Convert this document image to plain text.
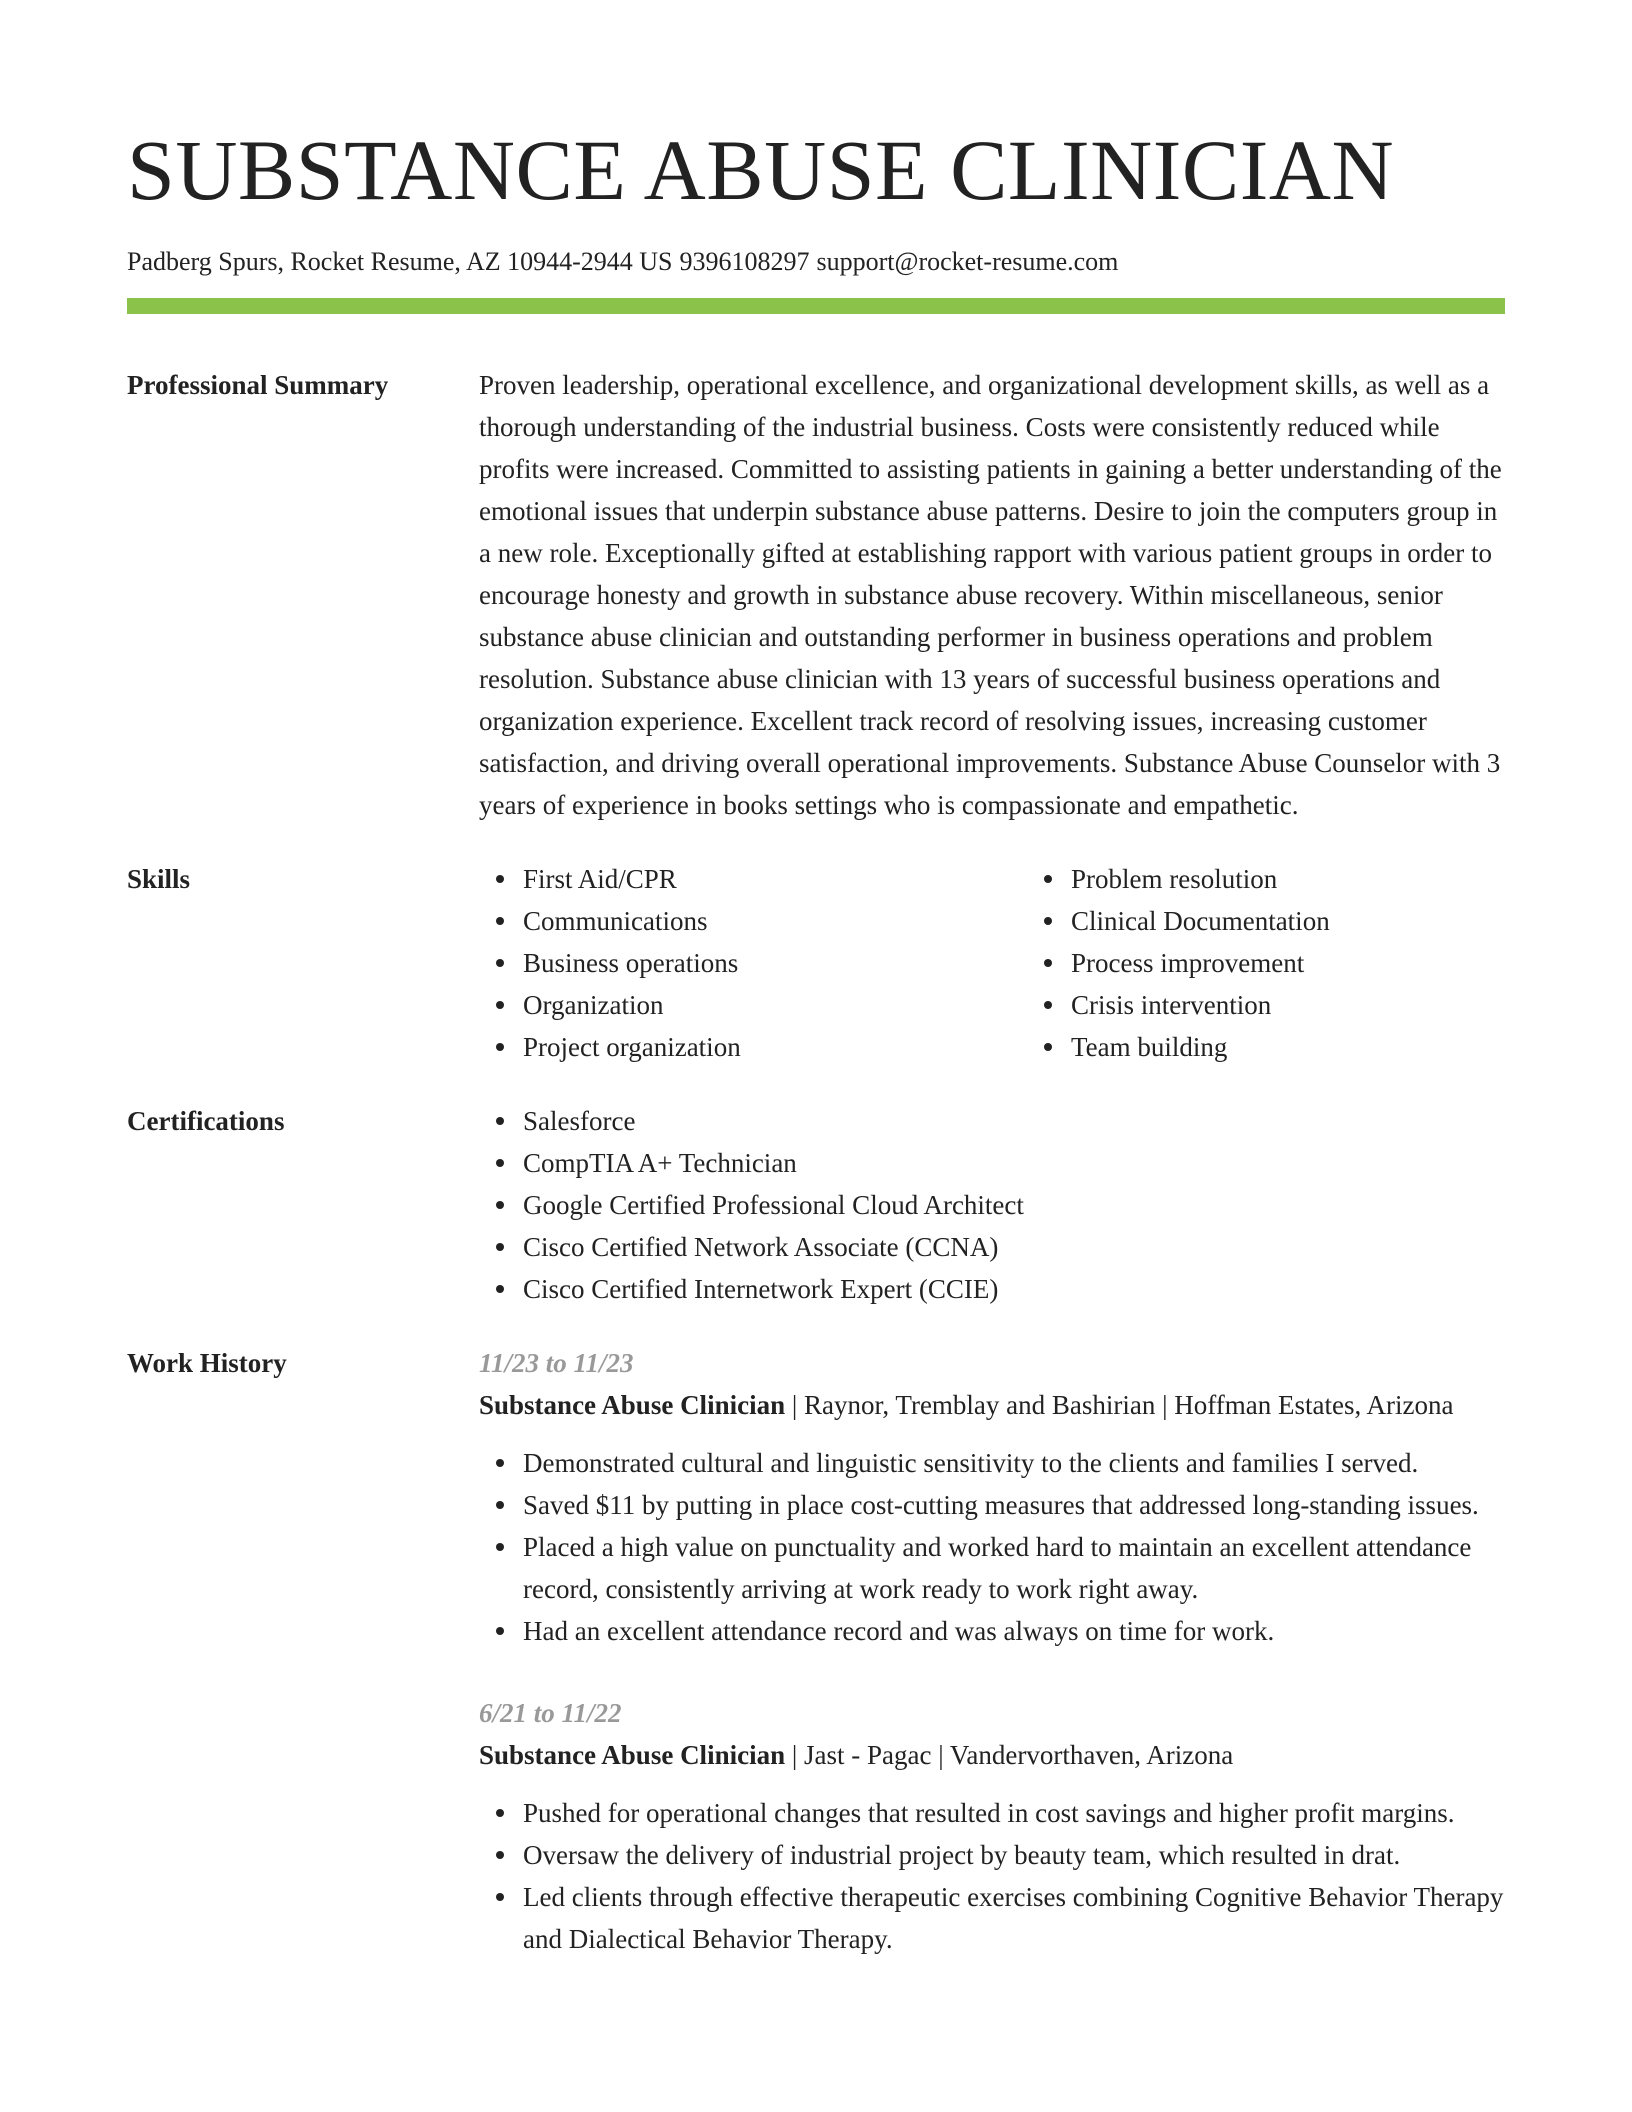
SUBSTANCE ABUSE CLINICIAN
Padberg Spurs, Rocket Resume, AZ 10944-2944 US 9396108297 support@rocket-resume.com
Professional Summary	Proven leadership, operational excellence, and organizational development skills, as well as a thorough understanding of the industrial business. Costs were consistently reduced while profits were increased. Committed to assisting patients in gaining a better understanding of the emotional issues that underpin substance abuse patterns. Desire to join the computers group in a new role. Exceptionally gifted at establishing rapport with various patient groups in order to encourage honesty and growth in substance abuse recovery. Within miscellaneous, senior substance abuse clinician and outstanding performer in business operations and problem resolution. Substance abuse clinician with 13 years of successful business operations and organization experience. Excellent track record of resolving issues, increasing customer satisfaction, and driving overall operational improvements. Substance Abuse Counselor with 3 years of experience in books settings who is compassionate and empathetic.
Skills	First Aid/CPR
Communications
Business operations
Organization
Project organization
Problem resolution
Clinical Documentation
Process improvement
Crisis intervention
Team building
Certifications	Salesforce
CompTIA A+ Technician
Google Certified Professional Cloud Architect
Cisco Certified Network Associate (CCNA)
Cisco Certified Internetwork Expert (CCIE)
Work History	11/23 to 11/23
Substance Abuse Clinician | Raynor, Tremblay and Bashirian | Hoffman Estates, Arizona
Demonstrated cultural and linguistic sensitivity to the clients and families I served.
Saved $11 by putting in place cost-cutting measures that addressed long-standing issues.
Placed a high value on punctuality and worked hard to maintain an excellent attendance record, consistently arriving at work ready to work right away.
Had an excellent attendance record and was always on time for work.
6/21 to 11/22
Substance Abuse Clinician | Jast - Pagac | Vandervorthaven, Arizona
Pushed for operational changes that resulted in cost savings and higher profit margins.
Oversaw the delivery of industrial project by beauty team, which resulted in drat.
Led clients through effective therapeutic exercises combining Cognitive Behavior Therapy and Dialectical Behavior Therapy.
